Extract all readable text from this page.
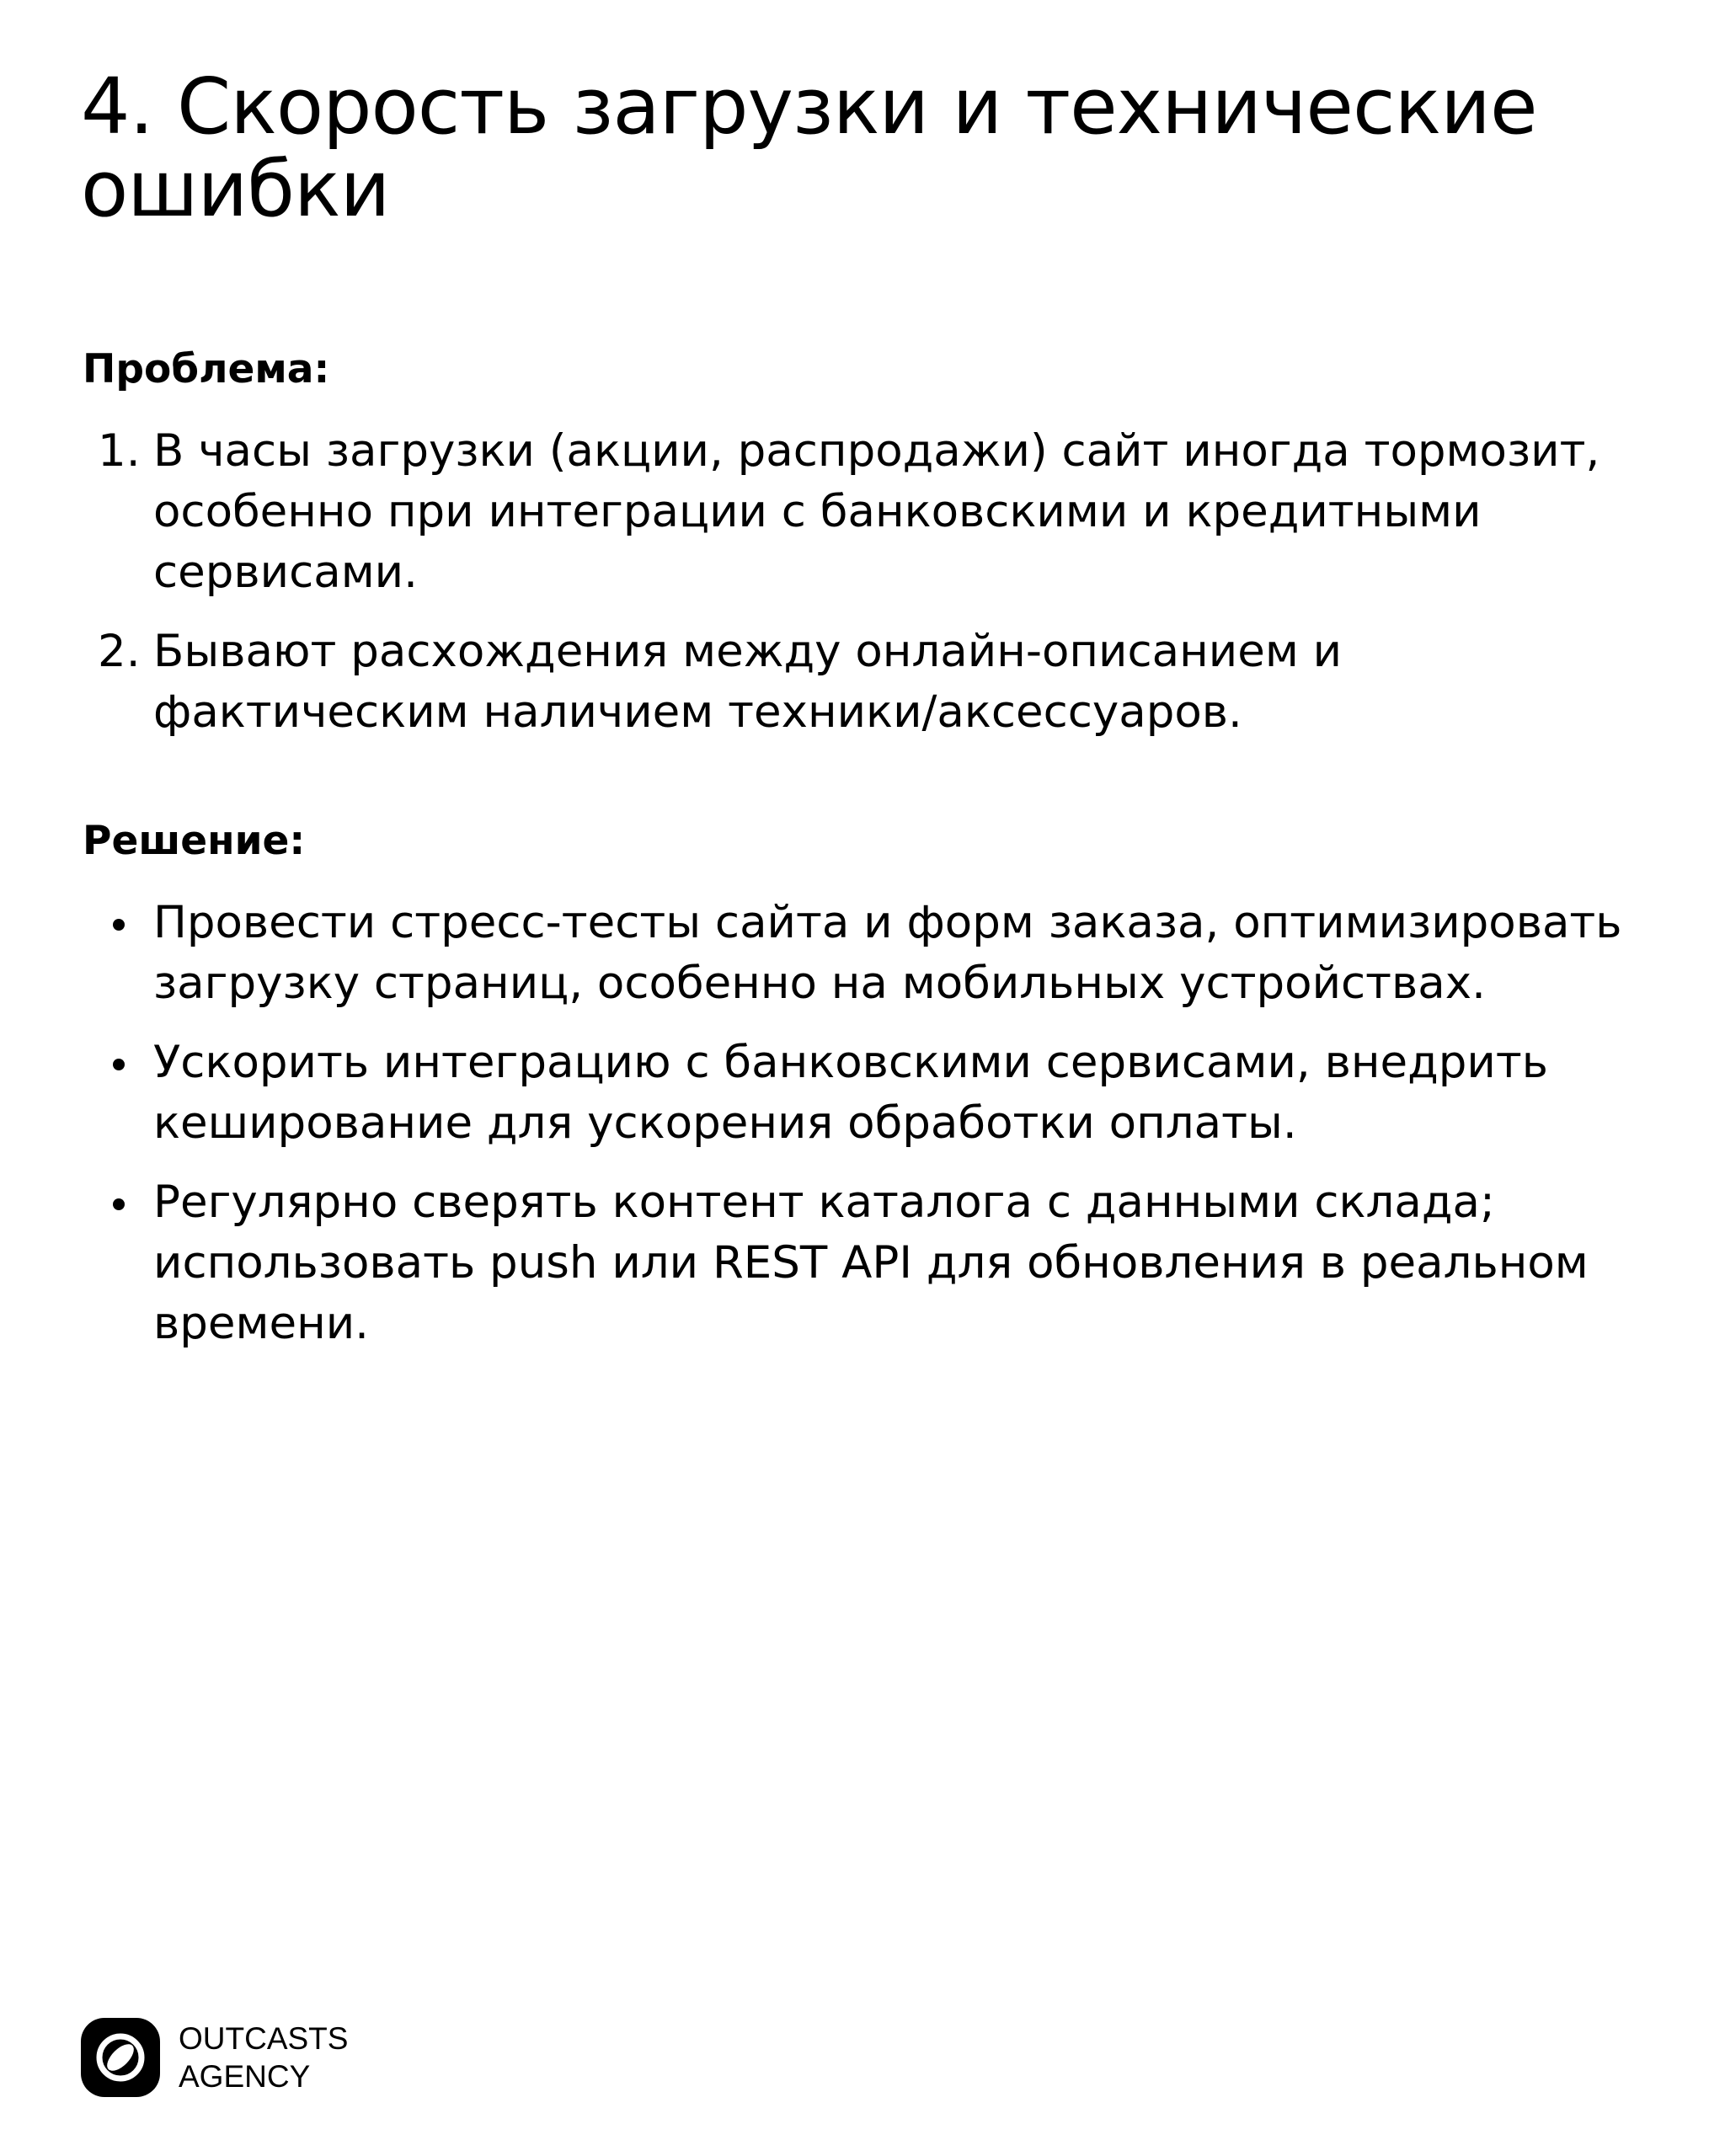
4. Скорость загрузки и технические ошибки
Проблема:
1. В часы загрузки (акции, распродажи) сайт иногда тормозит, особенно при интеграции с банковскими и кредитными сервисами.
2. Бывают расхождения между онлайн-описанием и фактическим наличием техники/аксессуаров.
Решение:
Провести стресс-тесты сайта и форм заказа, оптимизировать загрузку страниц, особенно на мобильных устройствах.
Ускорить интеграцию с банковскими сервисами, внедрить кеширование для ускорения обработки оплаты.
Регулярно сверять контент каталога с данными склада; использовать push или REST API для обновления в реальном времени.
OUTCASTS
AGENCY
